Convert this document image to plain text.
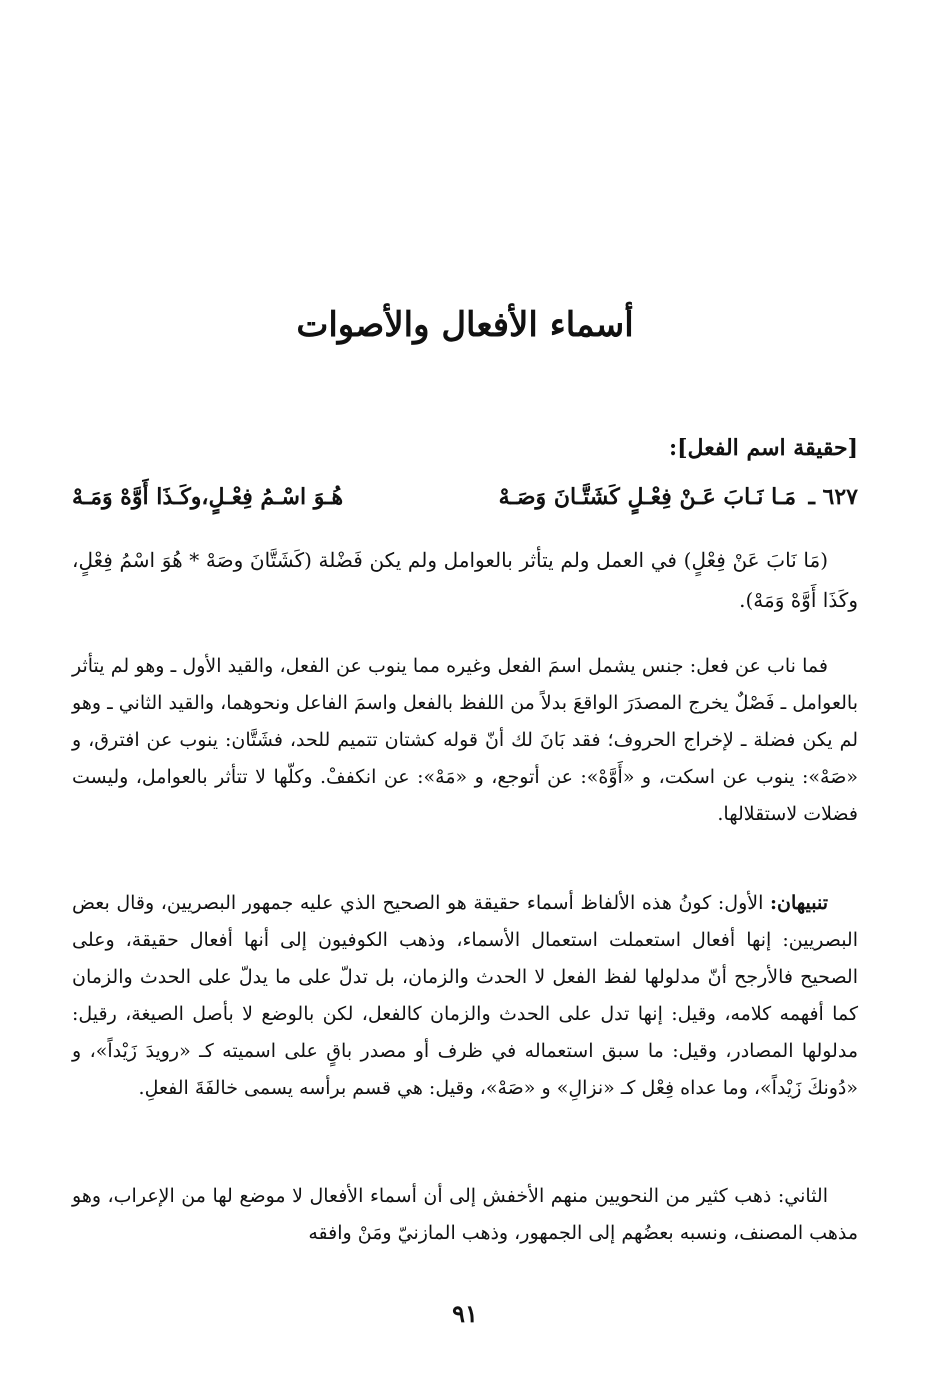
أسماء الأفعال والأصوات
[حقيقة اسم الفعل]:
٦٢٧ ـ
مَـا نَـابَ عَـنْ فِعْـلٍ كَشَتَّـانَ وَصَـهْ
هُـوَ اسْـمُ فِعْـلٍ،وكَـذَا أَوَّهْ وَمَـهْ

(مَا نَابَ عَنْ فِعْلٍ) في العمل ولم يتأثر بالعوامل ولم يكن فَضْلة (كَشَتَّانَ وصَهْ * هُوَ اسْمُ فِعْلٍ، وكَذَا أَوَّهْ وَمَهْ).

فما ناب عن فعل: جنس يشمل اسمَ الفعل وغيره مما ينوب عن الفعل، والقيد الأول ـ وهو لم يتأثر بالعوامل ـ فَصْلٌ يخرج المصدَرَ الواقعَ بدلاً من اللفظ بالفعل واسمَ الفاعل ونحوهما، والقيد الثاني ـ وهو لم يكن فضلة ـ لإخراج الحروف؛ فقد بَانَ لك أنّ قوله كشتان تتميم للحد، فشَتَّان: ينوب عن افترق، و «صَهْ»: ينوب عن اسكت، و «أَوَّهْ»: عن أتوجع، و «مَهْ»: عن انكففْ. وكلّها لا تتأثر بالعوامل، وليست فضلات لاستقلالها.

تنبيهان: الأول: كونُ هذه الألفاظ أسماء حقيقة هو الصحيح الذي عليه جمهور البصريين، وقال بعض البصريين: إنها أفعال استعملت استعمال الأسماء، وذهب الكوفيون إلى أنها أفعال حقيقة، وعلى الصحيح فالأرجح أنّ مدلولها لفظ الفعل لا الحدث والزمان، بل تدلّ على ما يدلّ على الحدث والزمان كما أفهمه كلامه، وقيل: إنها تدل على الحدث والزمان كالفعل، لكن بالوضع لا بأصل الصيغة، رقيل: مدلولها المصادر، وقيل: ما سبق استعماله في ظرف أو مصدر باقٍ على اسميته كـ «رويدَ زَيْداً»، و «دُونكَ زَيْداً»، وما عداه فِعْل كـ «نزالِ» و «صَهْ»، وقيل: هي قسم برأسه يسمى خالفَةَ الفعلِ.

الثاني: ذهب كثير من النحويين منهم الأخفش إلى أن أسماء الأفعال لا موضع لها من الإعراب، وهو مذهب المصنف، ونسبه بعضُهم إلى الجمهور، وذهب المازنيّ ومَنْ وافقه

٩١
